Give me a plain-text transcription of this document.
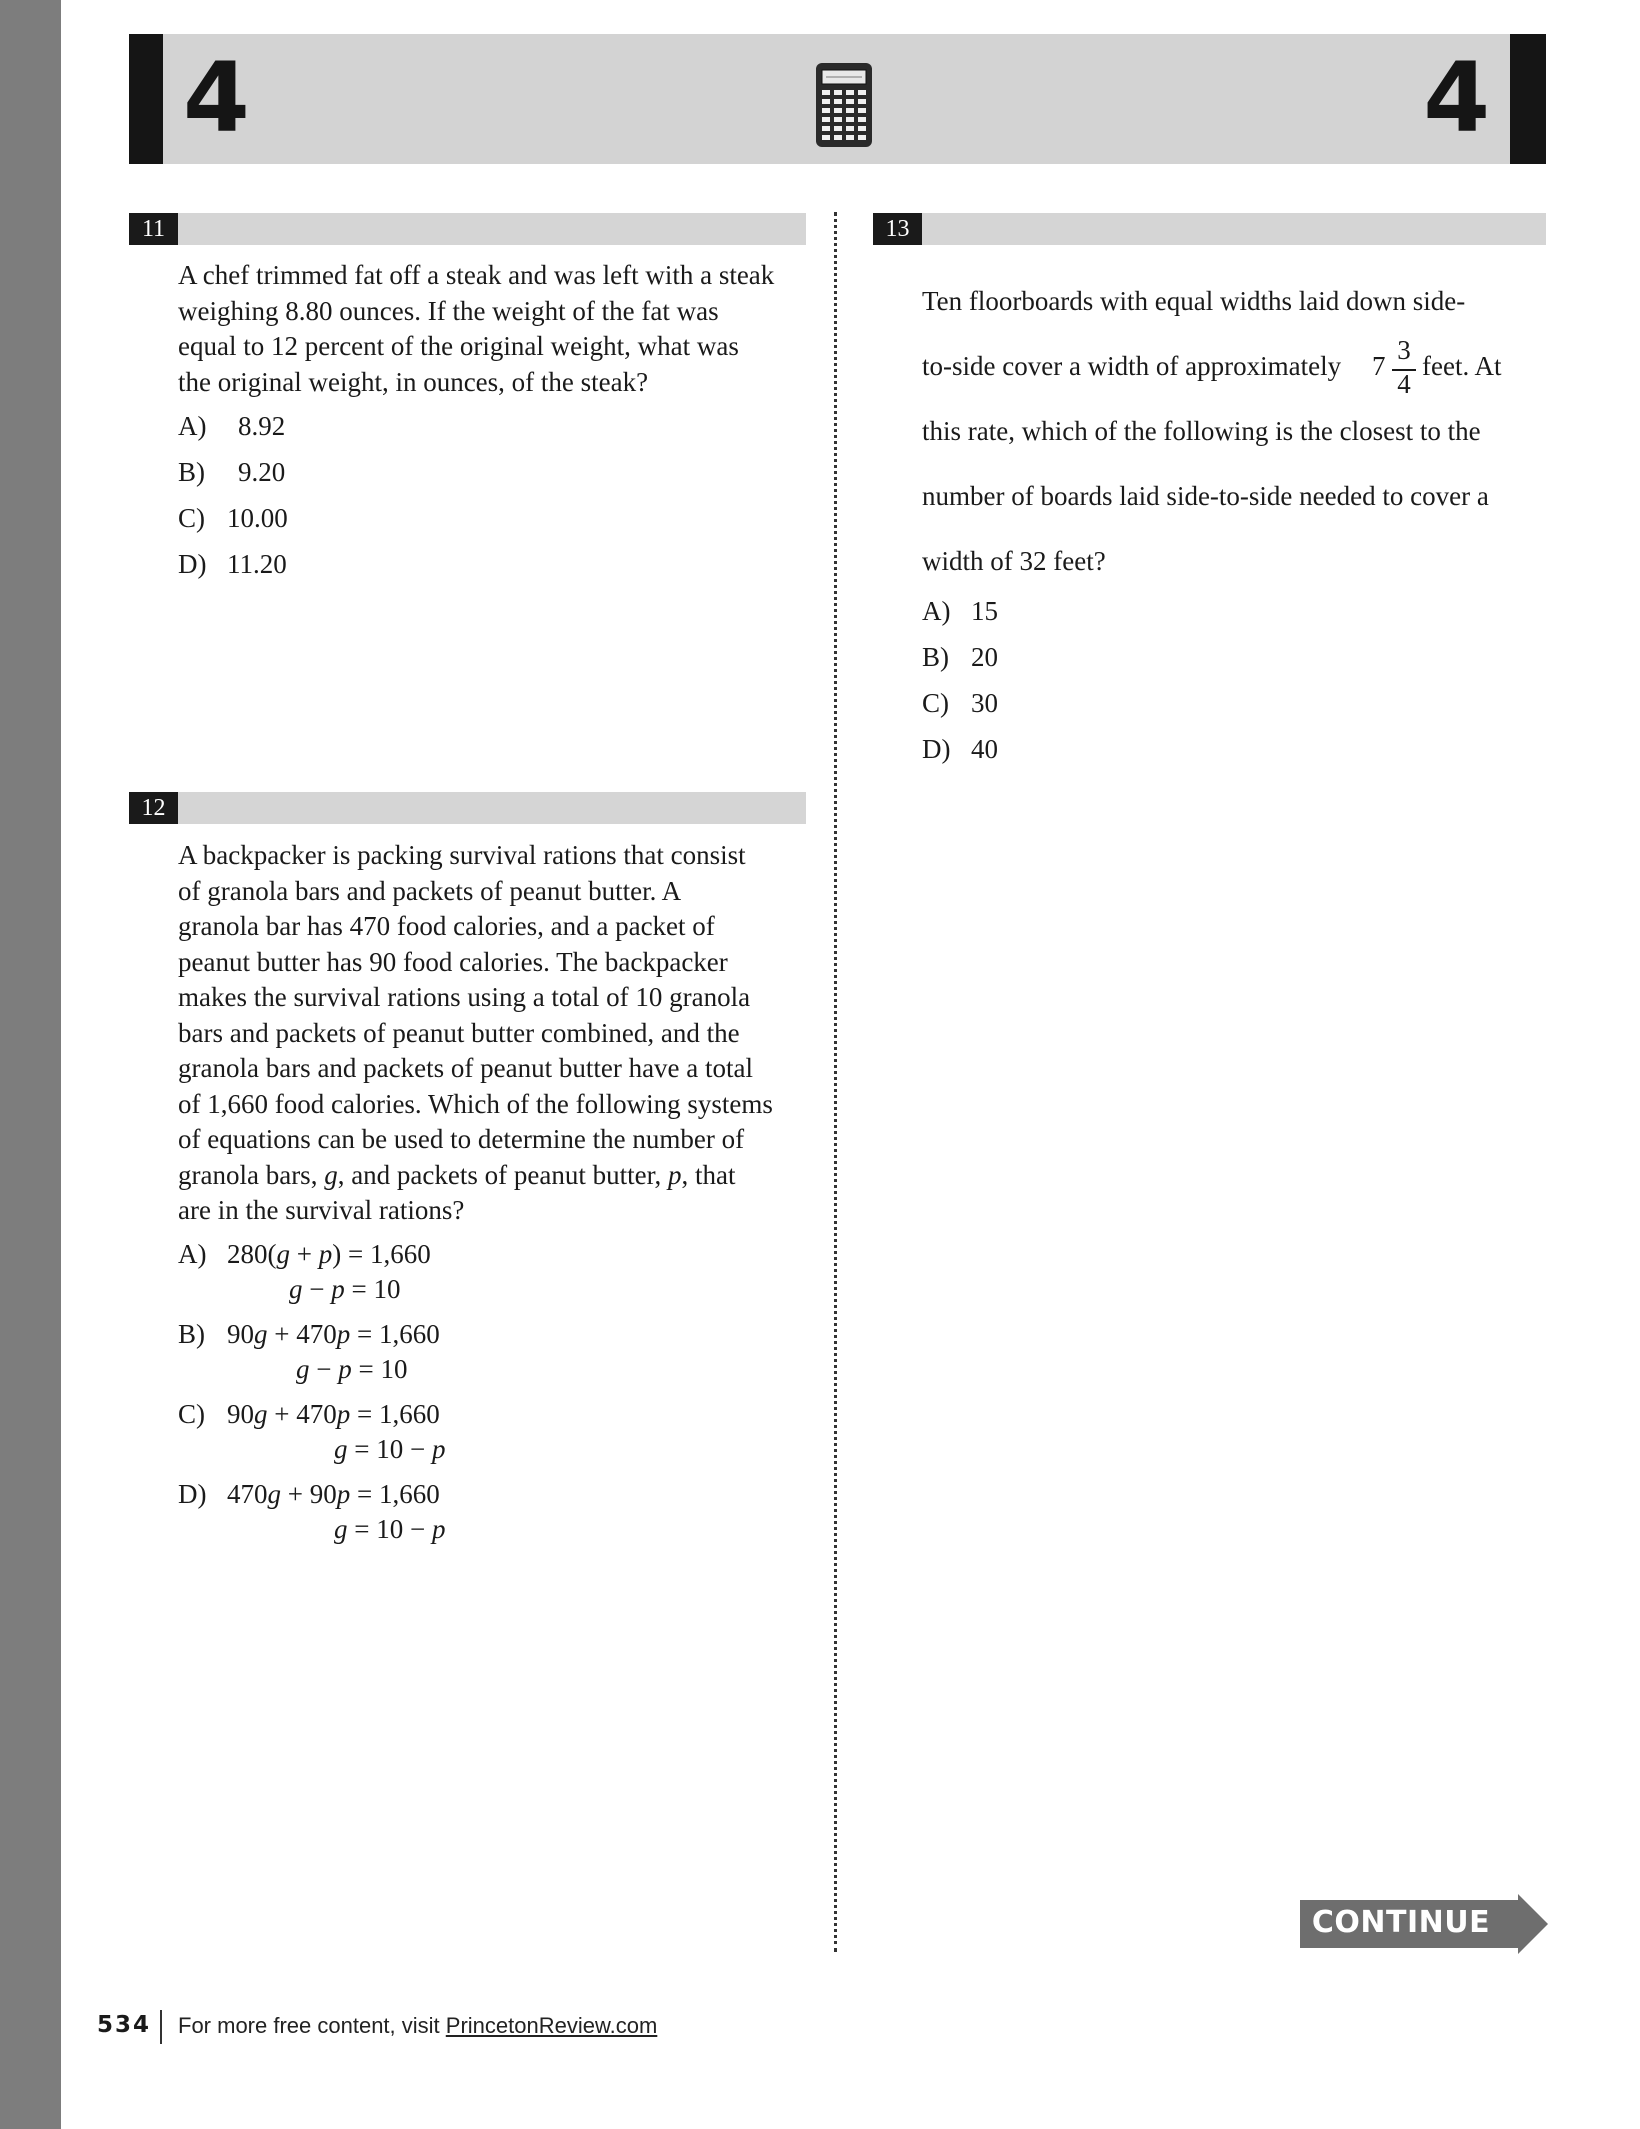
4	4
11
A chef trimmed fat off a steak and was left with a steak
weighing 8.80 ounces. If the weight of the fat was
equal to 12 percent of the original weight, what was
the original weight, in ounces, of the steak?
A) 8.92
B) 9.20
C) 10.00
D) 11.20
12
A backpacker is packing survival rations that consist
of granola bars and packets of peanut butter. A
granola bar has 470 food calories, and a packet of
peanut butter has 90 food calories. The backpacker
makes the survival rations using a total of 10 granola
bars and packets of peanut butter combined, and the
granola bars and packets of peanut butter have a total
of 1,660 food calories. Which of the following systems
of equations can be used to determine the number of
granola bars, g, and packets of peanut butter, p, that
are in the survival rations?
A) 280(g + p) = 1,660
g − p = 10
B) 90g + 470p = 1,660
g − p = 10
C) 90g + 470p = 1,660
g = 10 − p
D) 470g + 90p = 1,660
g = 10 − p
13
Ten floorboards with equal widths laid down side-
to-side cover a width of approximately 7
3
4
feet. At
this rate, which of the following is the closest to the
number of boards laid side-to-side needed to cover a
width of 32 feet?
A) 15
B) 20
C) 30
D) 40
CONTINUE
534 For more free content, visit PrincetonReview.com
